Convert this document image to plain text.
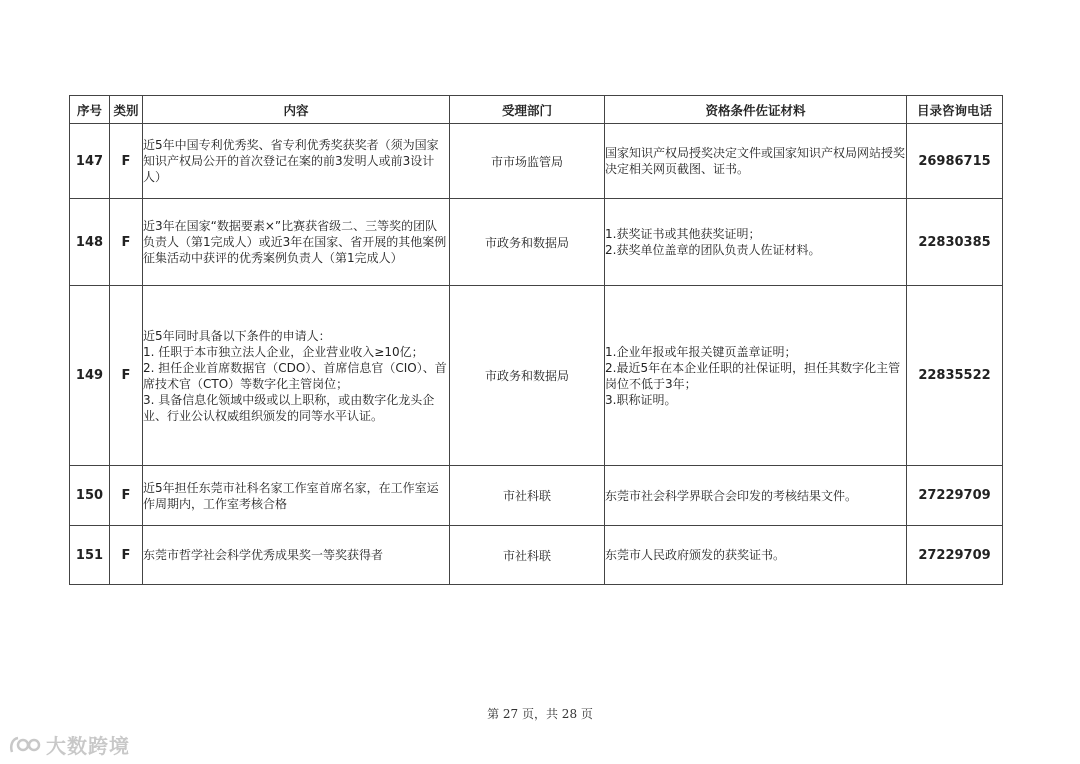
序号	类别	内容	受理部门	资格条件佐证材料	目录咨询电话
147	F	近5年中国专利优秀奖、省专利优秀奖获奖者（须为国家知识产权局公开的首次登记在案的前3发明人或前3设计人）	市市场监管局	国家知识产权局授奖决定文件或国家知识产权局网站授奖决定相关网页截图、证书。	26986715
148	F	近3年在国家“数据要素×”比赛获省级二、三等奖的团队负责人（第1完成人）或近3年在国家、省开展的其他案例征集活动中获评的优秀案例负责人（第1完成人）	市政务和数据局	1.获奖证书或其他获奖证明；
2.获奖单位盖章的团队负责人佐证材料。	22830385
149	F	近5年同时具备以下条件的申请人：
1. 任职于本市独立法人企业，企业营业收入≥10亿；
2. 担任企业首席数据官（CDO）、首席信息官（CIO）、首席技术官（CTO）等数字化主管岗位；
3. 具备信息化领域中级或以上职称，或由数字化龙头企业、行业公认权威组织颁发的同等水平认证。	市政务和数据局	1.企业年报或年报关键页盖章证明；
2.最近5年在本企业任职的社保证明，担任其数字化主管岗位不低于3年；
3.职称证明。	22835522
150	F	近5年担任东莞市社科名家工作室首席名家，在工作室运作周期内，工作室考核合格	市社科联	东莞市社会科学界联合会印发的考核结果文件。	27229709
151	F	东莞市哲学社会科学优秀成果奖一等奖获得者	市社科联	东莞市人民政府颁发的获奖证书。	27229709
第 27 页，共 28 页
大数跨境
